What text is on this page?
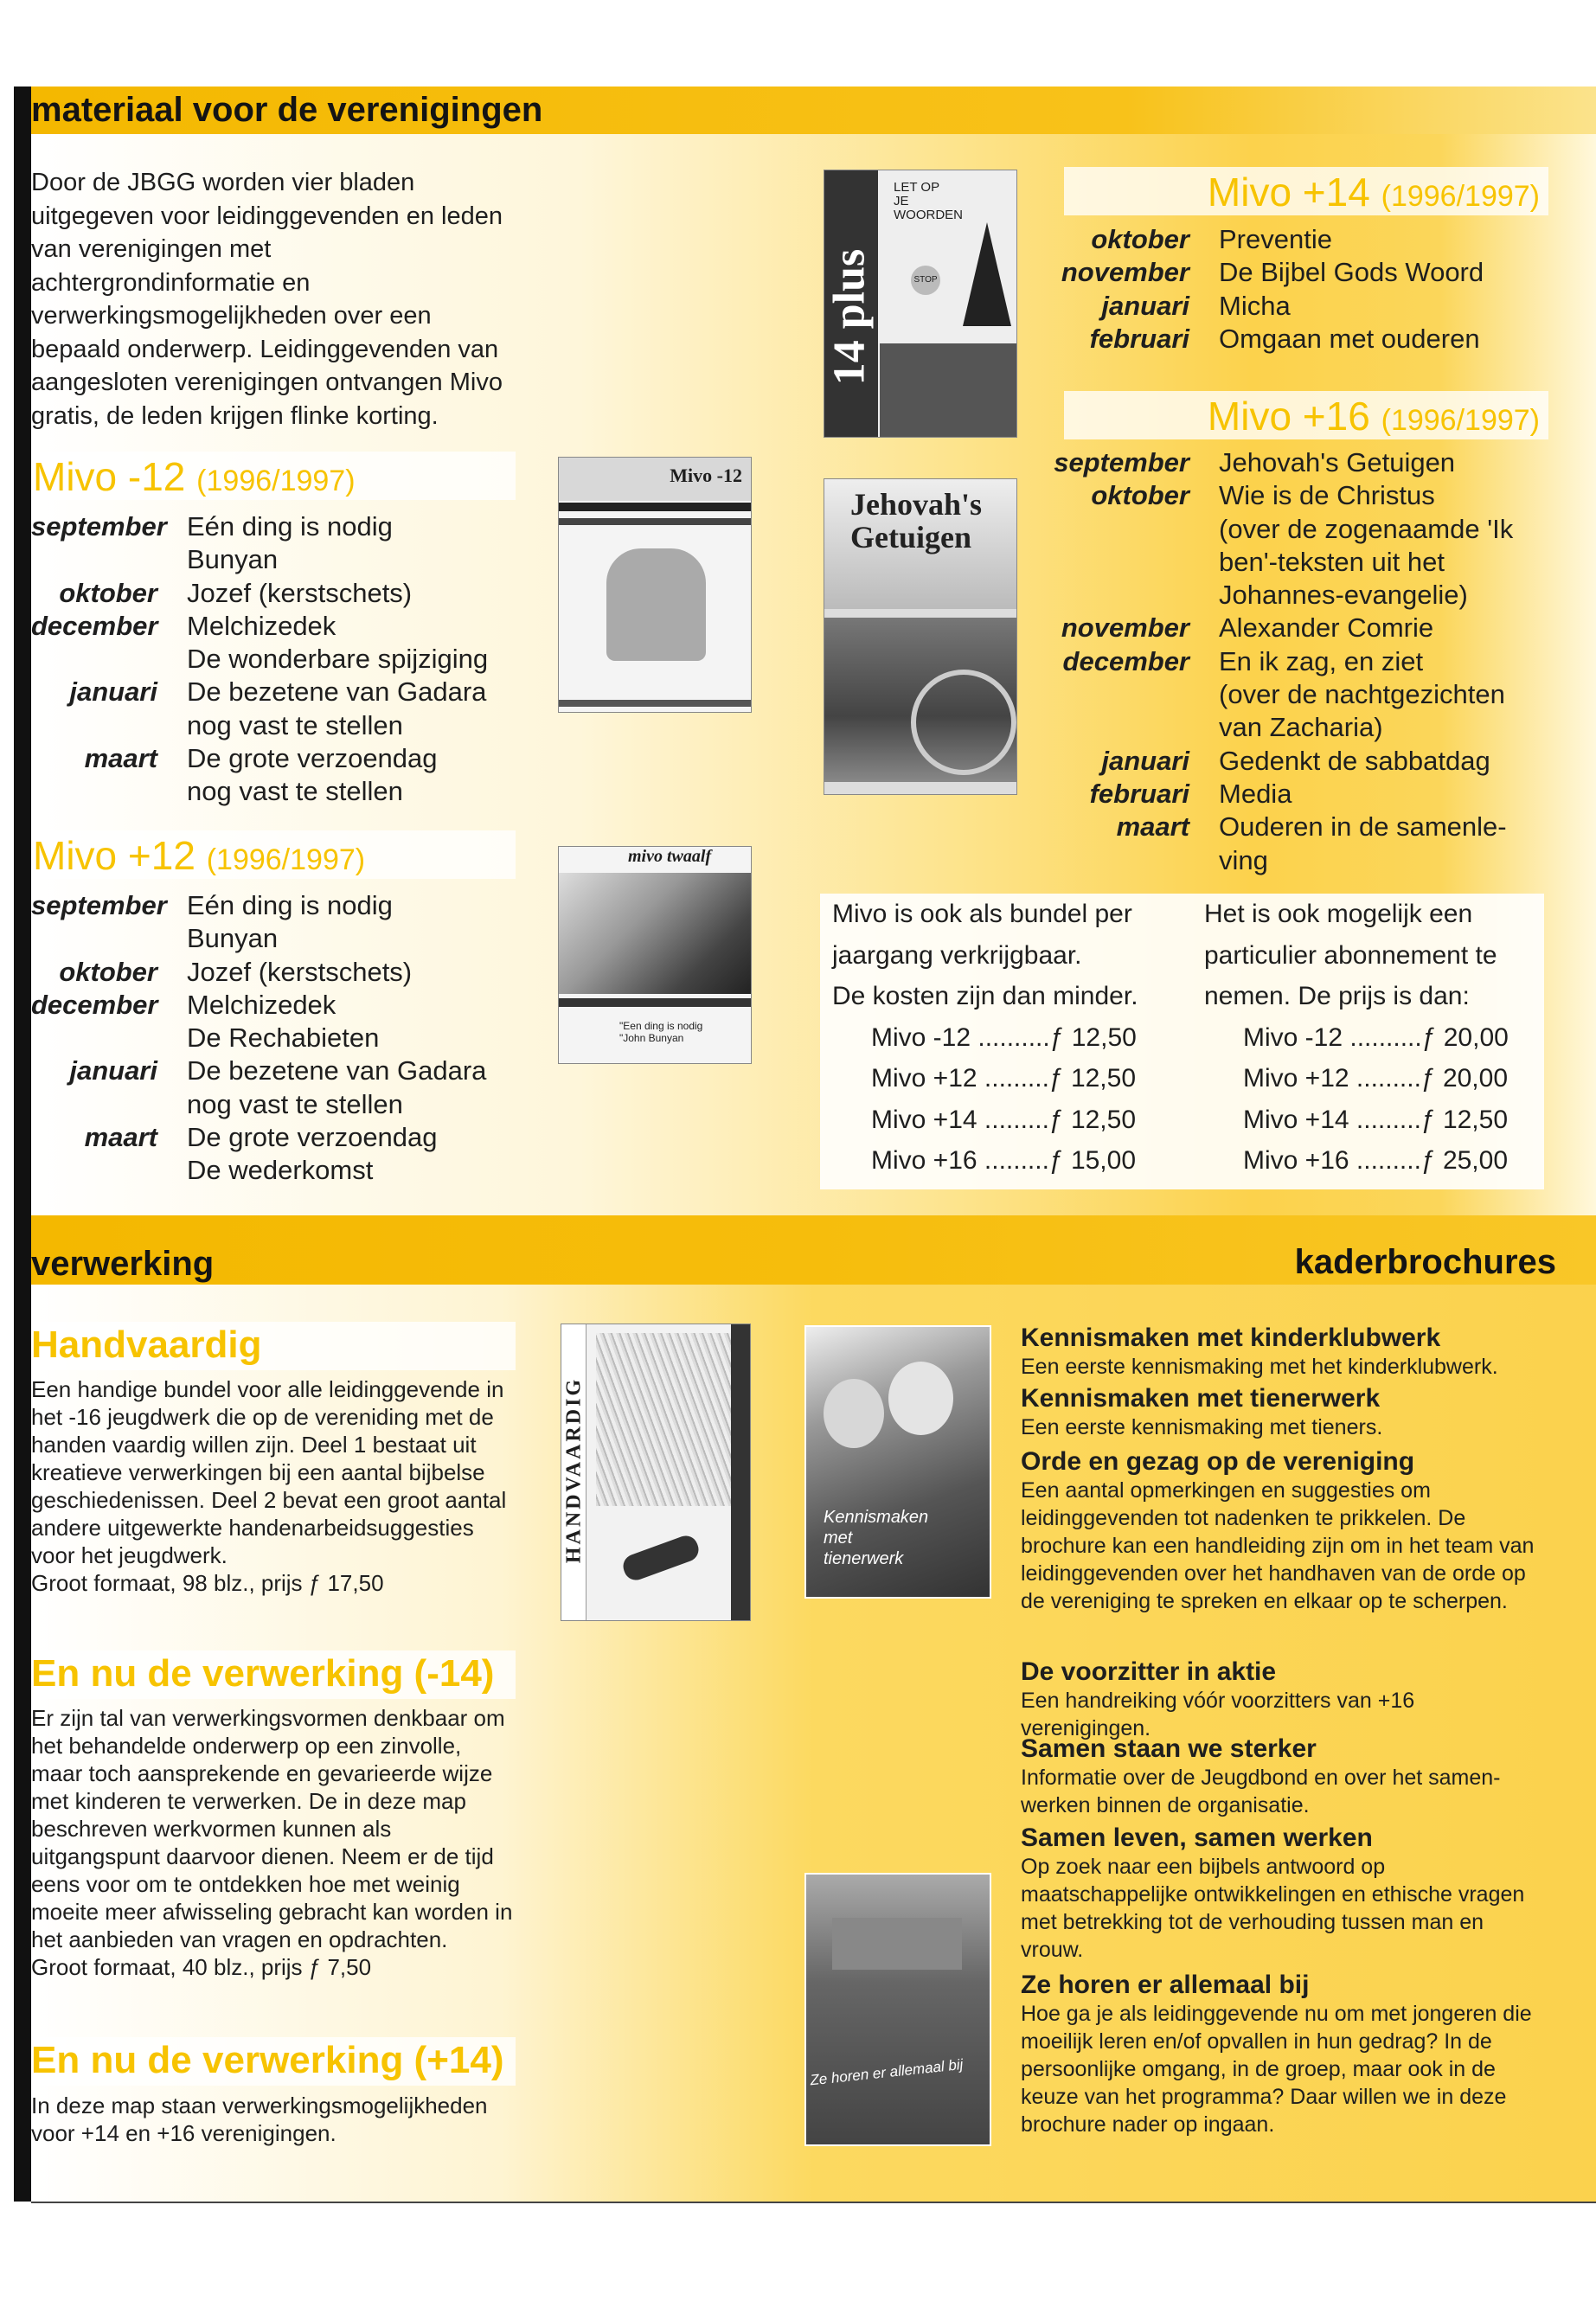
materiaal voor de verenigingen
Door de JBGG worden vier bladen uitgegeven voor leidinggevenden en leden van verenigingen met achtergrondinformatie en verwerkingsmogelijkheden over een bepaald onderwerp. Leidinggevenden van aangesloten verenigingen ontvangen Mivo gratis, de leden krijgen flinke korting.
Mivo -12 (1996/1997)
september Eén ding is nodig
Bunyan
oktober Jozef (kerstschets)
december Melchizedek
De wonderbare spijziging
januari De bezetene van Gadara
nog vast te stellen
maart De grote verzoendag
nog vast te stellen
Mivo +12 (1996/1997)
september Eén ding is nodig
Bunyan
oktober Jozef (kerstschets)
december Melchizedek
De Rechabieten
januari De bezetene van Gadara
nog vast te stellen
maart De grote verzoendag
De wederkomst
Mivo -12
mivo twaalf
"Een ding is nodig
"John Bunyan
14 plus
LET OP
JE
WOORDEN
STOP
Jehovah's
Getuigen
Mivo +14 (1996/1997)
oktober Preventie
november De Bijbel Gods Woord
januari Micha
februari Omgaan met ouderen
Mivo +16 (1996/1997)
september Jehovah's Getuigen
oktober Wie is de Christus
(over de zogenaamde 'Ik
ben'-teksten uit het
Johannes-evangelie)
november Alexander Comrie
december En ik zag, en ziet
(over de nachtgezichten
van Zacharia)
januari Gedenkt de sabbatdag
februari Media
maart Ouderen in de samenle-
ving
Mivo is ook als bundel per
jaargang verkrijgbaar.
De kosten zijn dan minder.
Mivo -12 ..........ƒ 12,50
Mivo +12 .........ƒ 12,50
Mivo +14 .........ƒ 12,50
Mivo +16 .........ƒ 15,00
Het is ook mogelijk een
particulier abonnement te
nemen. De prijs is dan:
Mivo -12 ..........ƒ 20,00
Mivo +12 .........ƒ 20,00
Mivo +14 .........ƒ 12,50
Mivo +16 .........ƒ 25,00
verwerking	kaderbrochures
Handvaardig
Een handige bundel voor alle leidinggevende in het -16 jeugdwerk die op de vereniding met de handen vaardig willen zijn. Deel 1 bestaat uit kreatieve verwerkingen bij een aantal bijbelse geschiedenissen. Deel 2 bevat een groot aantal andere uitgewerkte handenarbeidsuggesties voor het jeugdwerk.
Groot formaat, 98 blz., prijs ƒ 17,50
En nu de verwerking (-14)
Er zijn tal van verwerkingsvormen denkbaar om het behandelde onderwerp op een zinvolle, maar toch aansprekende en gevarieerde wijze met kinderen te verwerken. De in deze map beschreven werkvormen kunnen als uitgangspunt daarvoor dienen. Neem er de tijd eens voor om te ontdekken hoe met weinig moeite meer afwisseling gebracht kan worden in het aanbieden van vragen en opdrachten.
Groot formaat, 40 blz., prijs ƒ 7,50
En nu de verwerking (+14)
In deze map staan verwerkingsmogelijkheden voor +14 en +16 verenigingen.
HANDVAARDIG	Kennismaken
met
tienerwerk
Ze horen er allemaal bij
Kennismaken met kinderklubwerk
Een eerste kennismaking met het kinderklubwerk.
Kennismaken met tienerwerk
Een eerste kennismaking met tieners.
Orde en gezag op de vereniging
Een aantal opmerkingen en suggesties om leidinggevenden tot nadenken te prikkelen. De brochure kan een handleiding zijn om in het team van leidinggevenden over het handhaven van de orde op de vereniging te spreken en elkaar op te scherpen.
De voorzitter in aktie
Een handreiking vóór voorzitters van +16 verenigingen.
Samen staan we sterker
Informatie over de Jeugdbond en over het samen-werken binnen de organisatie.
Samen leven, samen werken
Op zoek naar een bijbels antwoord op maatschappelijke ontwikkelingen en ethische vragen met betrekking tot de verhouding tussen man en vrouw.
Ze horen er allemaal bij
Hoe ga je als leidinggevende nu om met jongeren die moeilijk leren en/of opvallen in hun gedrag? In de persoonlijke omgang, in de groep, maar ook in de keuze van het programma? Daar willen we in deze brochure nader op ingaan.
